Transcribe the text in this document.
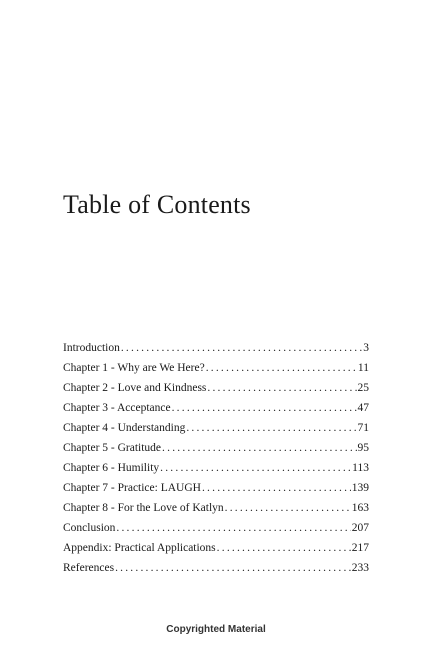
Table of Contents
Introduction .....	3
Chapter 1 - Why are We Here? .....	11
Chapter 2 - Love and Kindness .....	25
Chapter 3 - Acceptance .....	47
Chapter 4 - Understanding .....	71
Chapter 5 - Gratitude .....	95
Chapter 6 - Humility .....	113
Chapter 7 - Practice: LAUGH .....	139
Chapter 8 - For the Love of Katlyn .....	163
Conclusion .....	207
Appendix: Practical Applications .....	217
References .....	233
Copyrighted Material
